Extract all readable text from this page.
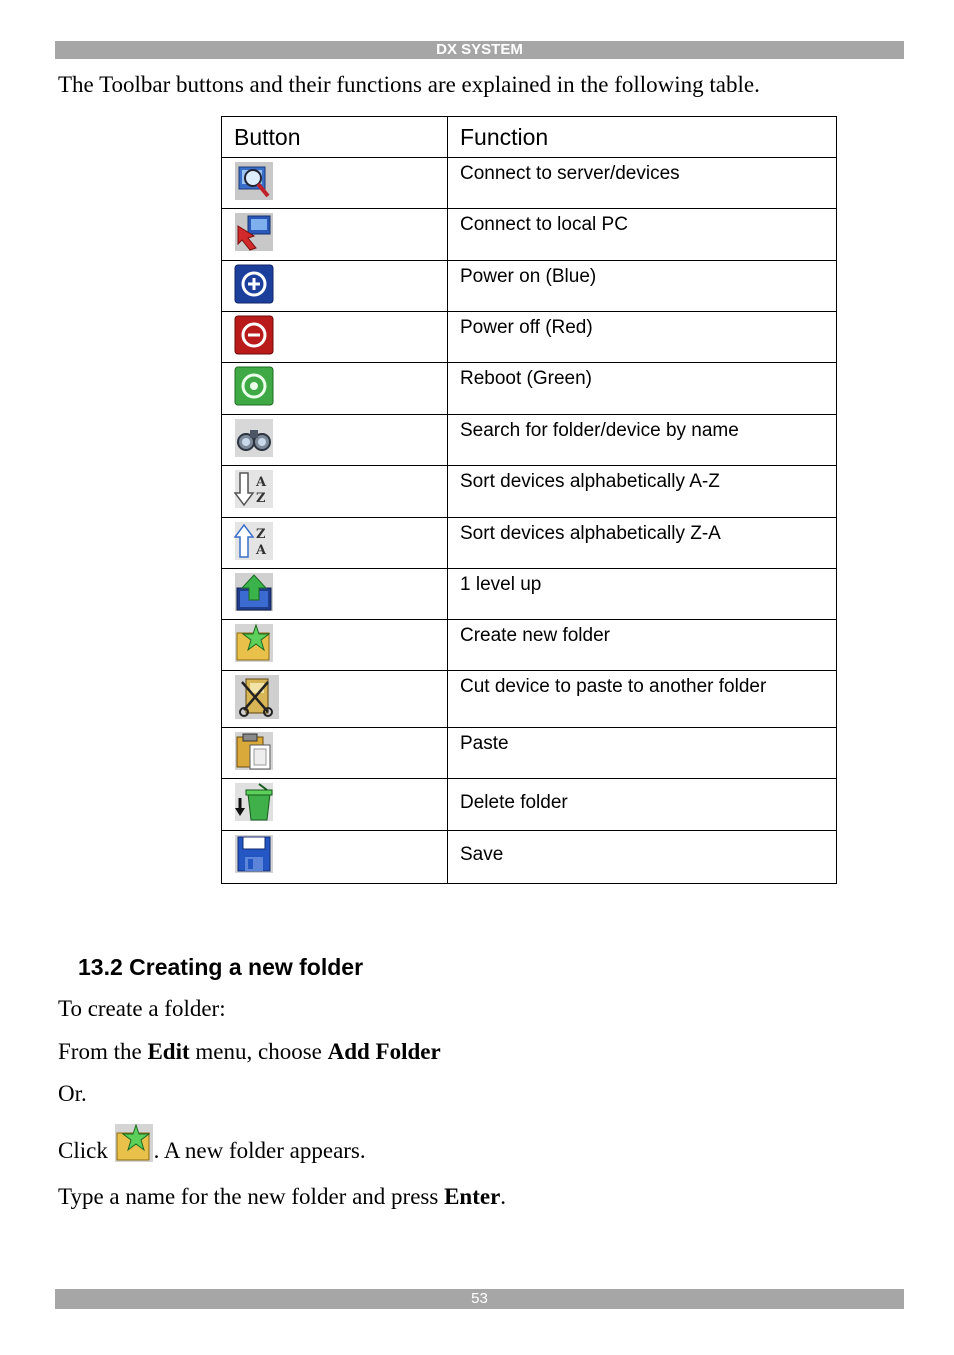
DX SYSTEM
The Toolbar buttons and their functions are explained in the following table.
Button	Function

	Connect to server/devices

	Connect to local PC

	Power on (Blue)

	Power off (Red)

	Reboot (Green)

	Search for folder/device by name

A
Z	Sort devices alphabetically A-Z

Z
A	Sort devices alphabetically Z-A

	1 level up

	Create new folder

	Cut device to paste to another folder

	Paste

	Delete folder

	Save
13.2 Creating a new folder
To create a folder:
From the Edit menu, choose Add Folder
Or.
Click
. A new folder appears.
Type a name for the new folder and press Enter.
53
